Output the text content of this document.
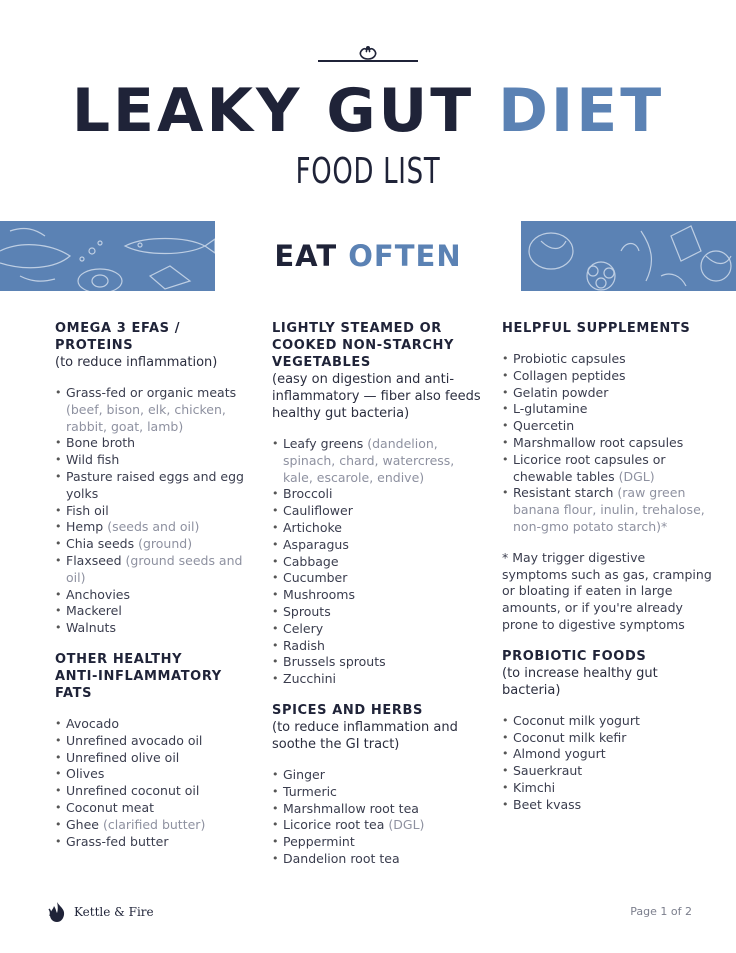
LEAKY GUT DIET
FOOD LIST
EAT OFTEN
OMEGA 3 EFAS /
PROTEINS
(to reduce inflammation)
• Grass-fed or organic meats (beef, bison, elk, chicken, rabbit, goat, lamb)
• Bone broth
• Wild fish
• Pasture raised eggs and egg yolks
• Fish oil
• Hemp (seeds and oil)
• Chia seeds (ground)
• Flaxseed (ground seeds and oil)
• Anchovies
• Mackerel
• Walnuts
OTHER HEALTHY
ANTI-INFLAMMATORY
FATS
• Avocado
• Unrefined avocado oil
• Unrefined olive oil
• Olives
• Unrefined coconut oil
• Coconut meat
• Ghee (clarified butter)
• Grass-fed butter
LIGHTLY STEAMED OR
COOKED NON-STARCHY
VEGETABLES
(easy on digestion and anti-inflammatory — fiber also feeds healthy gut bacteria)
• Leafy greens (dandelion, spinach, chard, watercress, kale, escarole, endive)
• Broccoli
• Cauliflower
• Artichoke
• Asparagus
• Cabbage
• Cucumber
• Mushrooms
• Sprouts
• Celery
• Radish
• Brussels sprouts
• Zucchini
SPICES AND HERBS
(to reduce inflammation and soothe the GI tract)
• Ginger
• Turmeric
• Marshmallow root tea
• Licorice root tea (DGL)
• Peppermint
• Dandelion root tea
HELPFUL SUPPLEMENTS
• Probiotic capsules
• Collagen peptides
• Gelatin powder
• L-glutamine
• Quercetin
• Marshmallow root capsules
• Licorice root capsules or chewable tables (DGL)
• Resistant starch (raw green banana flour, inulin, trehalose, non-gmo potato starch)*
* May trigger digestive symptoms such as gas, cramping or bloating if eaten in large amounts, or if you're already prone to digestive symptoms
PROBIOTIC FOODS
(to increase healthy gut bacteria)
• Coconut milk yogurt
• Coconut milk kefir
• Almond yogurt
• Sauerkraut
• Kimchi
• Beet kvass
Kettle & Fire	Page 1 of 2
